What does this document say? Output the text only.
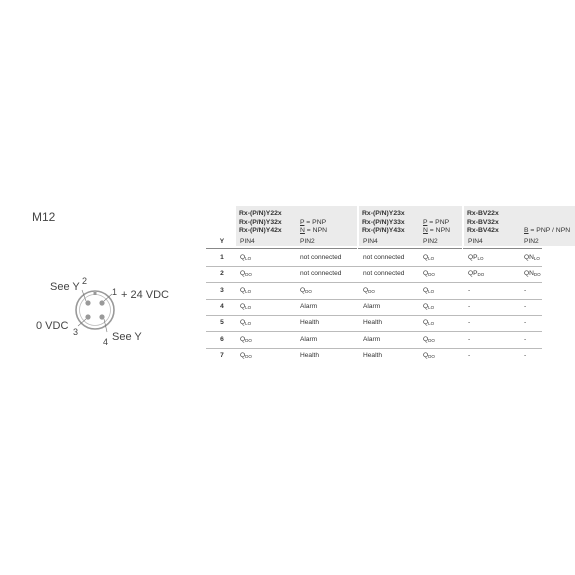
M12
See Y 2
1 + 24 VDC
0 VDC 3
4 See Y
Rx-(P/N)Y22x
Rx-(P/N)Y32x
Rx-(P/N)Y42x
P = PNP
N = NPN
PIN4	PIN2
Rx-(P/N)Y23x
Rx-(P/N)Y33x
Rx-(P/N)Y43x
P = PNP
N = NPN
PIN4	PIN2
Rx-BV22x
Rx-BV32x
Rx-BV42x	B = PNP / NPN
PIN4	PIN2
Y
1	$Q_{LO}$	not connected	not connected	$Q_{LO}$	$QP_{LO}$	$QN_{LO}$
2	$Q_{DO}$	not connected	not connected	$Q_{DO}$	$QP_{DO}$	$QN_{DO}$
3	$Q_{LO}$	$Q_{DO}$	$Q_{DO}$	$Q_{LO}$	-	-
4	$Q_{LO}$	Alarm	Alarm	$Q_{LO}$	-	-
5	$Q_{LO}$	Health	Health	$Q_{LO}$	-	-
6	$Q_{DO}$	Alarm	Alarm	$Q_{DO}$	-	-
7	$Q_{DO}$	Health	Health	$Q_{DO}$	-	-
